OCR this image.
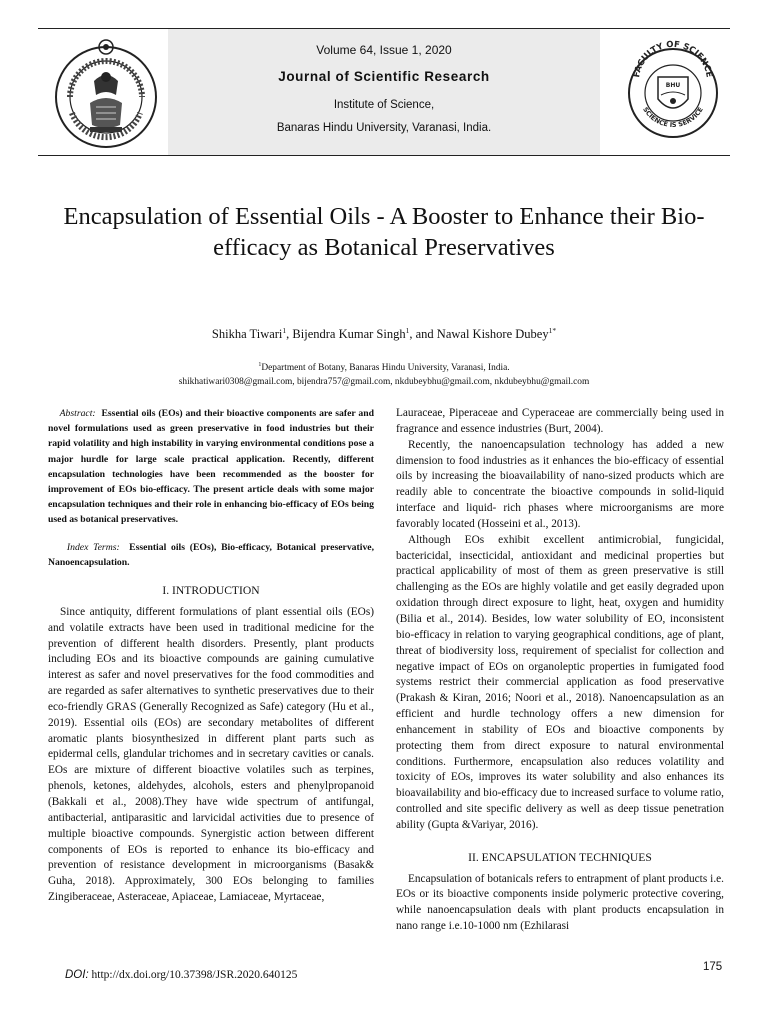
Volume 64, Issue 1, 2020
Journal of Scientific Research
Institute of Science,
Banaras Hindu University, Varanasi, India.
FACULTY OF SCIENCE
SCIENCE IS SERVICE
BHU
Encapsulation of Essential Oils - A Booster to Enhance their Bio-efficacy as Botanical Preservatives
Shikha Tiwari$^1$, Bijendra Kumar Singh$^1$, and Nawal Kishore Dubey$^{1*}$
$^1$Department of Botany, Banaras Hindu University, Varanasi, India.
shikhatiwari0308@gmail.com, bijendra757@gmail.com, nkdubeybhu@gmail.com, nkdubeybhu@gmail.com
Abstract: Essential oils (EOs) and their bioactive components are safer and novel formulations used as green preservative in food industries but their rapid volatility and high instability in varying environmental conditions pose a major hurdle for large scale practical application. Recently, different encapsulation technologies have been recommended as the booster for improvement of EOs bio-efficacy. The present article deals with some major encapsulation techniques and their role in enhancing bio-efficacy of EOs being used as botanical preservatives.
Index Terms: Essential oils (EOs), Bio-efficacy, Botanical preservative, Nanoencapsulation.
I. INTRODUCTION

Since antiquity, different formulations of plant essential oils (EOs) and volatile extracts have been used in traditional medicine for the prevention of different health disorders. Presently, plant products including EOs and its bioactive compounds are gaining cumulative interest as safer and novel preservatives for the food commodities and are regarded as safer alternatives to synthetic preservatives due to their eco-friendly GRAS (Generally Recognized as Safe) category (Hu et al., 2019). Essential oils (EOs) are secondary metabolites of different aromatic plants biosynthesized in different plant parts such as epidermal cells, glandular trichomes and in secretary cavities or canals. EOs are mixture of different bioactive volatiles such as terpines, phenols, ketones, aldehydes, alcohols, esters and phenylpropanoid (Bakkali et al., 2008).They have wide spectrum of antifungal, antibacterial, antiparasitic and larvicidal activities due to presence of multiple bioactive compounds. Synergistic action between different components of EOs is reported to enhance its bio-efficacy and prevention of resistance development in microorganisms (Basak& Guha, 2018). Approximately, 300 EOs belonging to families Zingiberaceae, Asteraceae, Apiaceae, Lamiaceae, Myrtaceae,

Lauraceae, Piperaceae and Cyperaceae are commercially being used in fragrance and essence industries (Burt, 2004).

Recently, the nanoencapsulation technology has added a new dimension to food industries as it enhances the bio-efficacy of essential oils by increasing the bioavailability of nano-sized products which are readily able to concentrate the bioactive compounds in solid-liquid interface and liquid- rich phases where microorganisms are more favorably located (Hosseini et al., 2013).

Although EOs exhibit excellent antimicrobial, fungicidal, bactericidal, insecticidal, antioxidant and medicinal properties but practical applicability of most of them as green preservative is still challenging as the EOs are highly volatile and get easily degraded upon oxidation through direct exposure to light, heat, oxygen and humidity (Bilia et al., 2014). Besides, low water solubility of EO, inconsistent bio-efficacy in relation to varying geographical conditions, age of plant, threat of biodiversity loss, requirement of specialist for collection and negative impact of EOs on organoleptic properties in fumigated food systems restrict their commercial application as food preservative (Prakash & Kiran, 2016; Noori et al., 2018). Nanoencapsulation as an efficient and hurdle technology offers a new dimension for enhancement in stability of EOs and bioactive components by protecting them from direct exposure to natural environmental conditions. Furthermore, encapsulation also reduces volatility and toxicity of EOs, improves its water solubility and also enhances its bioavailability and bio-efficacy due to increased surface to volume ratio, controlled and site specific delivery as well as deep tissue penetration ability (Gupta &Variyar, 2016).

II. ENCAPSULATION TECHNIQUES

Encapsulation of botanicals refers to entrapment of plant products i.e. EOs or its bioactive components inside polymeric protective covering, while nanoencapsulation deals with plant products encapsulation in nano range i.e.10-1000 nm (Ezhilarasi

DOI: http://dx.doi.org/10.37398/JSR.2020.640125
175
